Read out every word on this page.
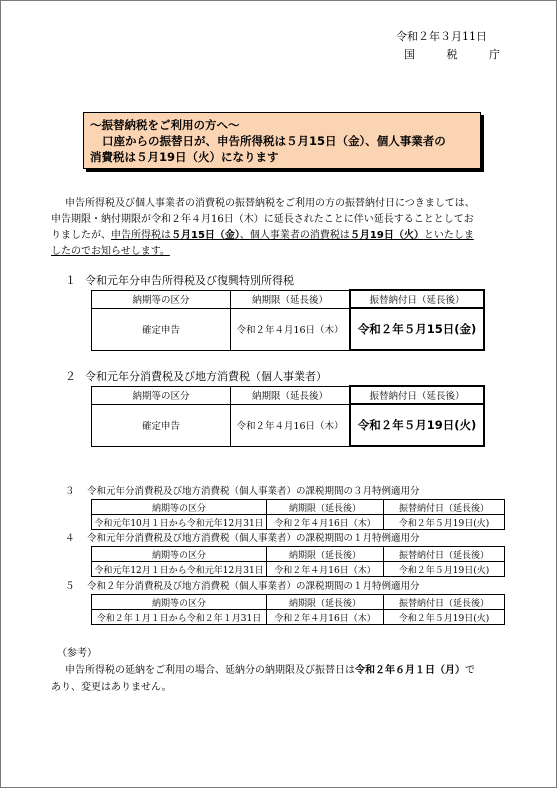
令和２年３月11日
国 税 庁
～振替納税をご利用の方へ～
口座からの振替日が、申告所得税は５月15日（金）、個人事業者の
消費税は５月19日（火）になります

申告所得税及び個人事業者の消費税の振替納税をご利用の方の振替納付日につきましては、

申告期限・納付期限が令和２年４月16日（木）に延長されたことに伴い延長することとしてお

りましたが、申告所得税は５月15日（金）、個人事業者の消費税は５月19日（火）といたしま

したのでお知らせします。

１ 令和元年分申告所得税及び復興特別所得税
納期等の区分	納期限（延長後）	振替納付日（延長後）
確定申告	令和２年４月16日（木）	令和２年５月15日(金)
２ 令和元年分消費税及び地方消費税（個人事業者）
納期等の区分	納期限（延長後）	振替納付日（延長後）
確定申告	令和２年４月16日（木）	令和２年５月19日(火)
３ 令和元年分消費税及び地方消費税（個人事業者）の課税期間の３月特例適用分
納期等の区分	納期限（延長後）	振替納付日（延長後）
令和元年10月１日から令和元年12月31日	令和２年４月16日（木）	令和２年５月19日(火)
４ 令和元年分消費税及び地方消費税（個人事業者）の課税期間の１月特例適用分
納期等の区分	納期限（延長後）	振替納付日（延長後）
令和元年12月１日から令和元年12月31日	令和２年４月16日（木）	令和２年５月19日(火)
５ 令和２年分消費税及び地方消費税（個人事業者）の課税期間の１月特例適用分
納期等の区分	納期限（延長後）	振替納付日（延長後）
令和２年１月１日から令和２年１月31日	令和２年４月16日（木）	令和２年５月19日(火)

（参考）

申告所得税の延納をご利用の場合、延納分の納期限及び振替日は令和２年６月１日（月）で

あり、変更はありません。
